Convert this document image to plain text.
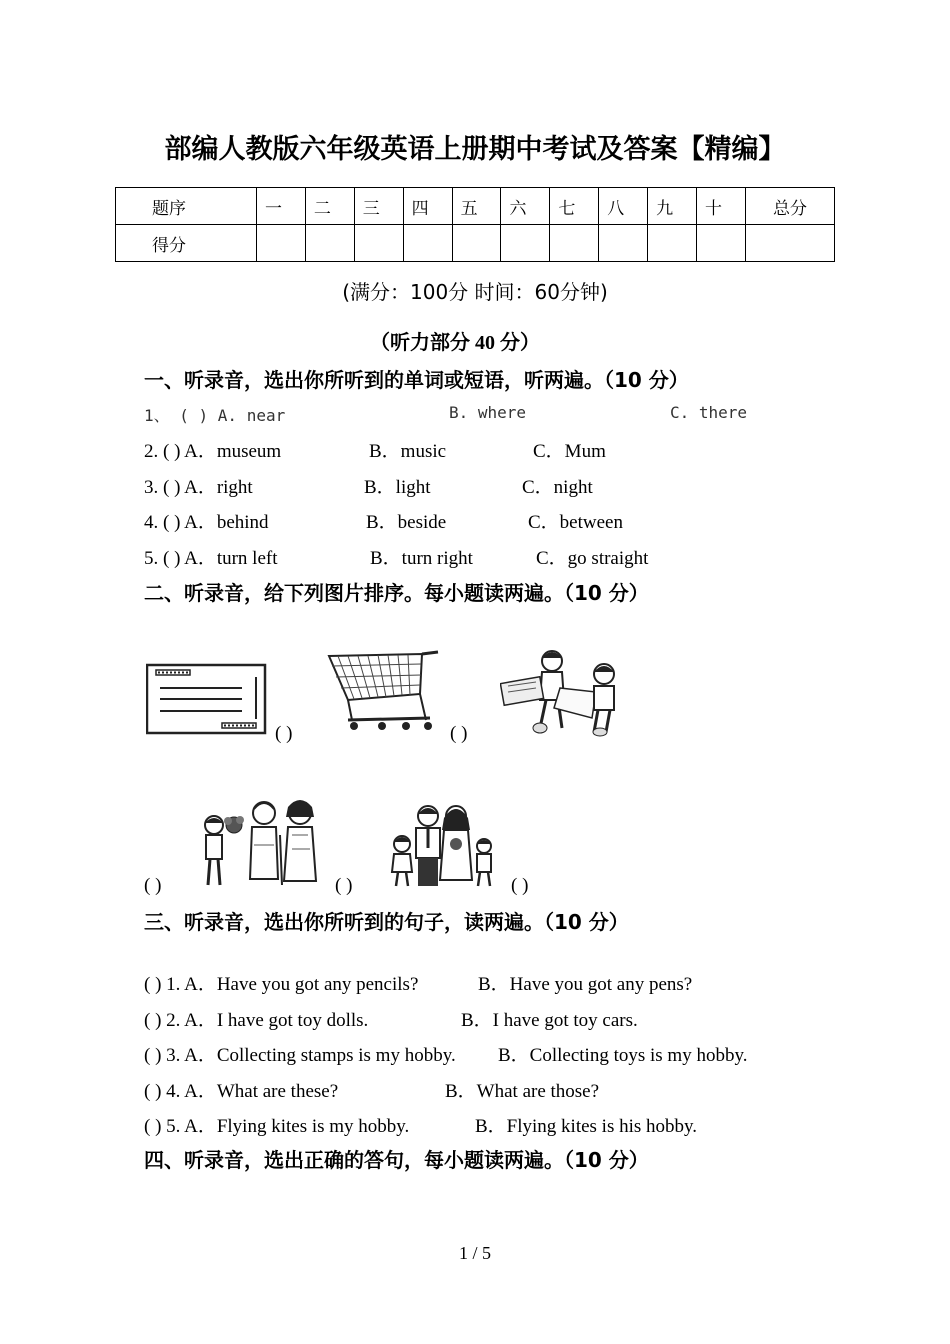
部编人教版六年级英语上册期中考试及答案【精编】
题序	一	二	三	四	五	六	七	八	九	十	总分
得分											
(满分：100分 时间：60分钟)
（听力部分 40 分）
一、听录音，选出你所听到的单词或短语，听两遍。（10 分）
1、 ( ) A. near	B. where	C. there
2. ( ) A．museum	B．music	C．Mum
3. ( ) A．right	B．light	C．night
4. ( ) A．behind	B．beside	C．between
5. ( ) A．turn left	B．turn right	C．go straight
二、听录音，给下列图片排序。每小题读两遍。（10 分）
( )	( )
( )	( )	( )
三、听录音，选出你所听到的句子，读两遍。（10 分）
( ) 1. A．Have you got any pencils?	B．Have you got any pens?
( ) 2. A．I have got toy dolls.	B．I have got toy cars.
( ) 3. A．Collecting stamps is my hobby. B．Collecting toys is my hobby.
( ) 4. A．What are these?	B．What are those?
( ) 5. A．Flying kites is my hobby.	B．Flying kites is his hobby.
四、听录音，选出正确的答句，每小题读两遍。（10 分）
1 / 5
